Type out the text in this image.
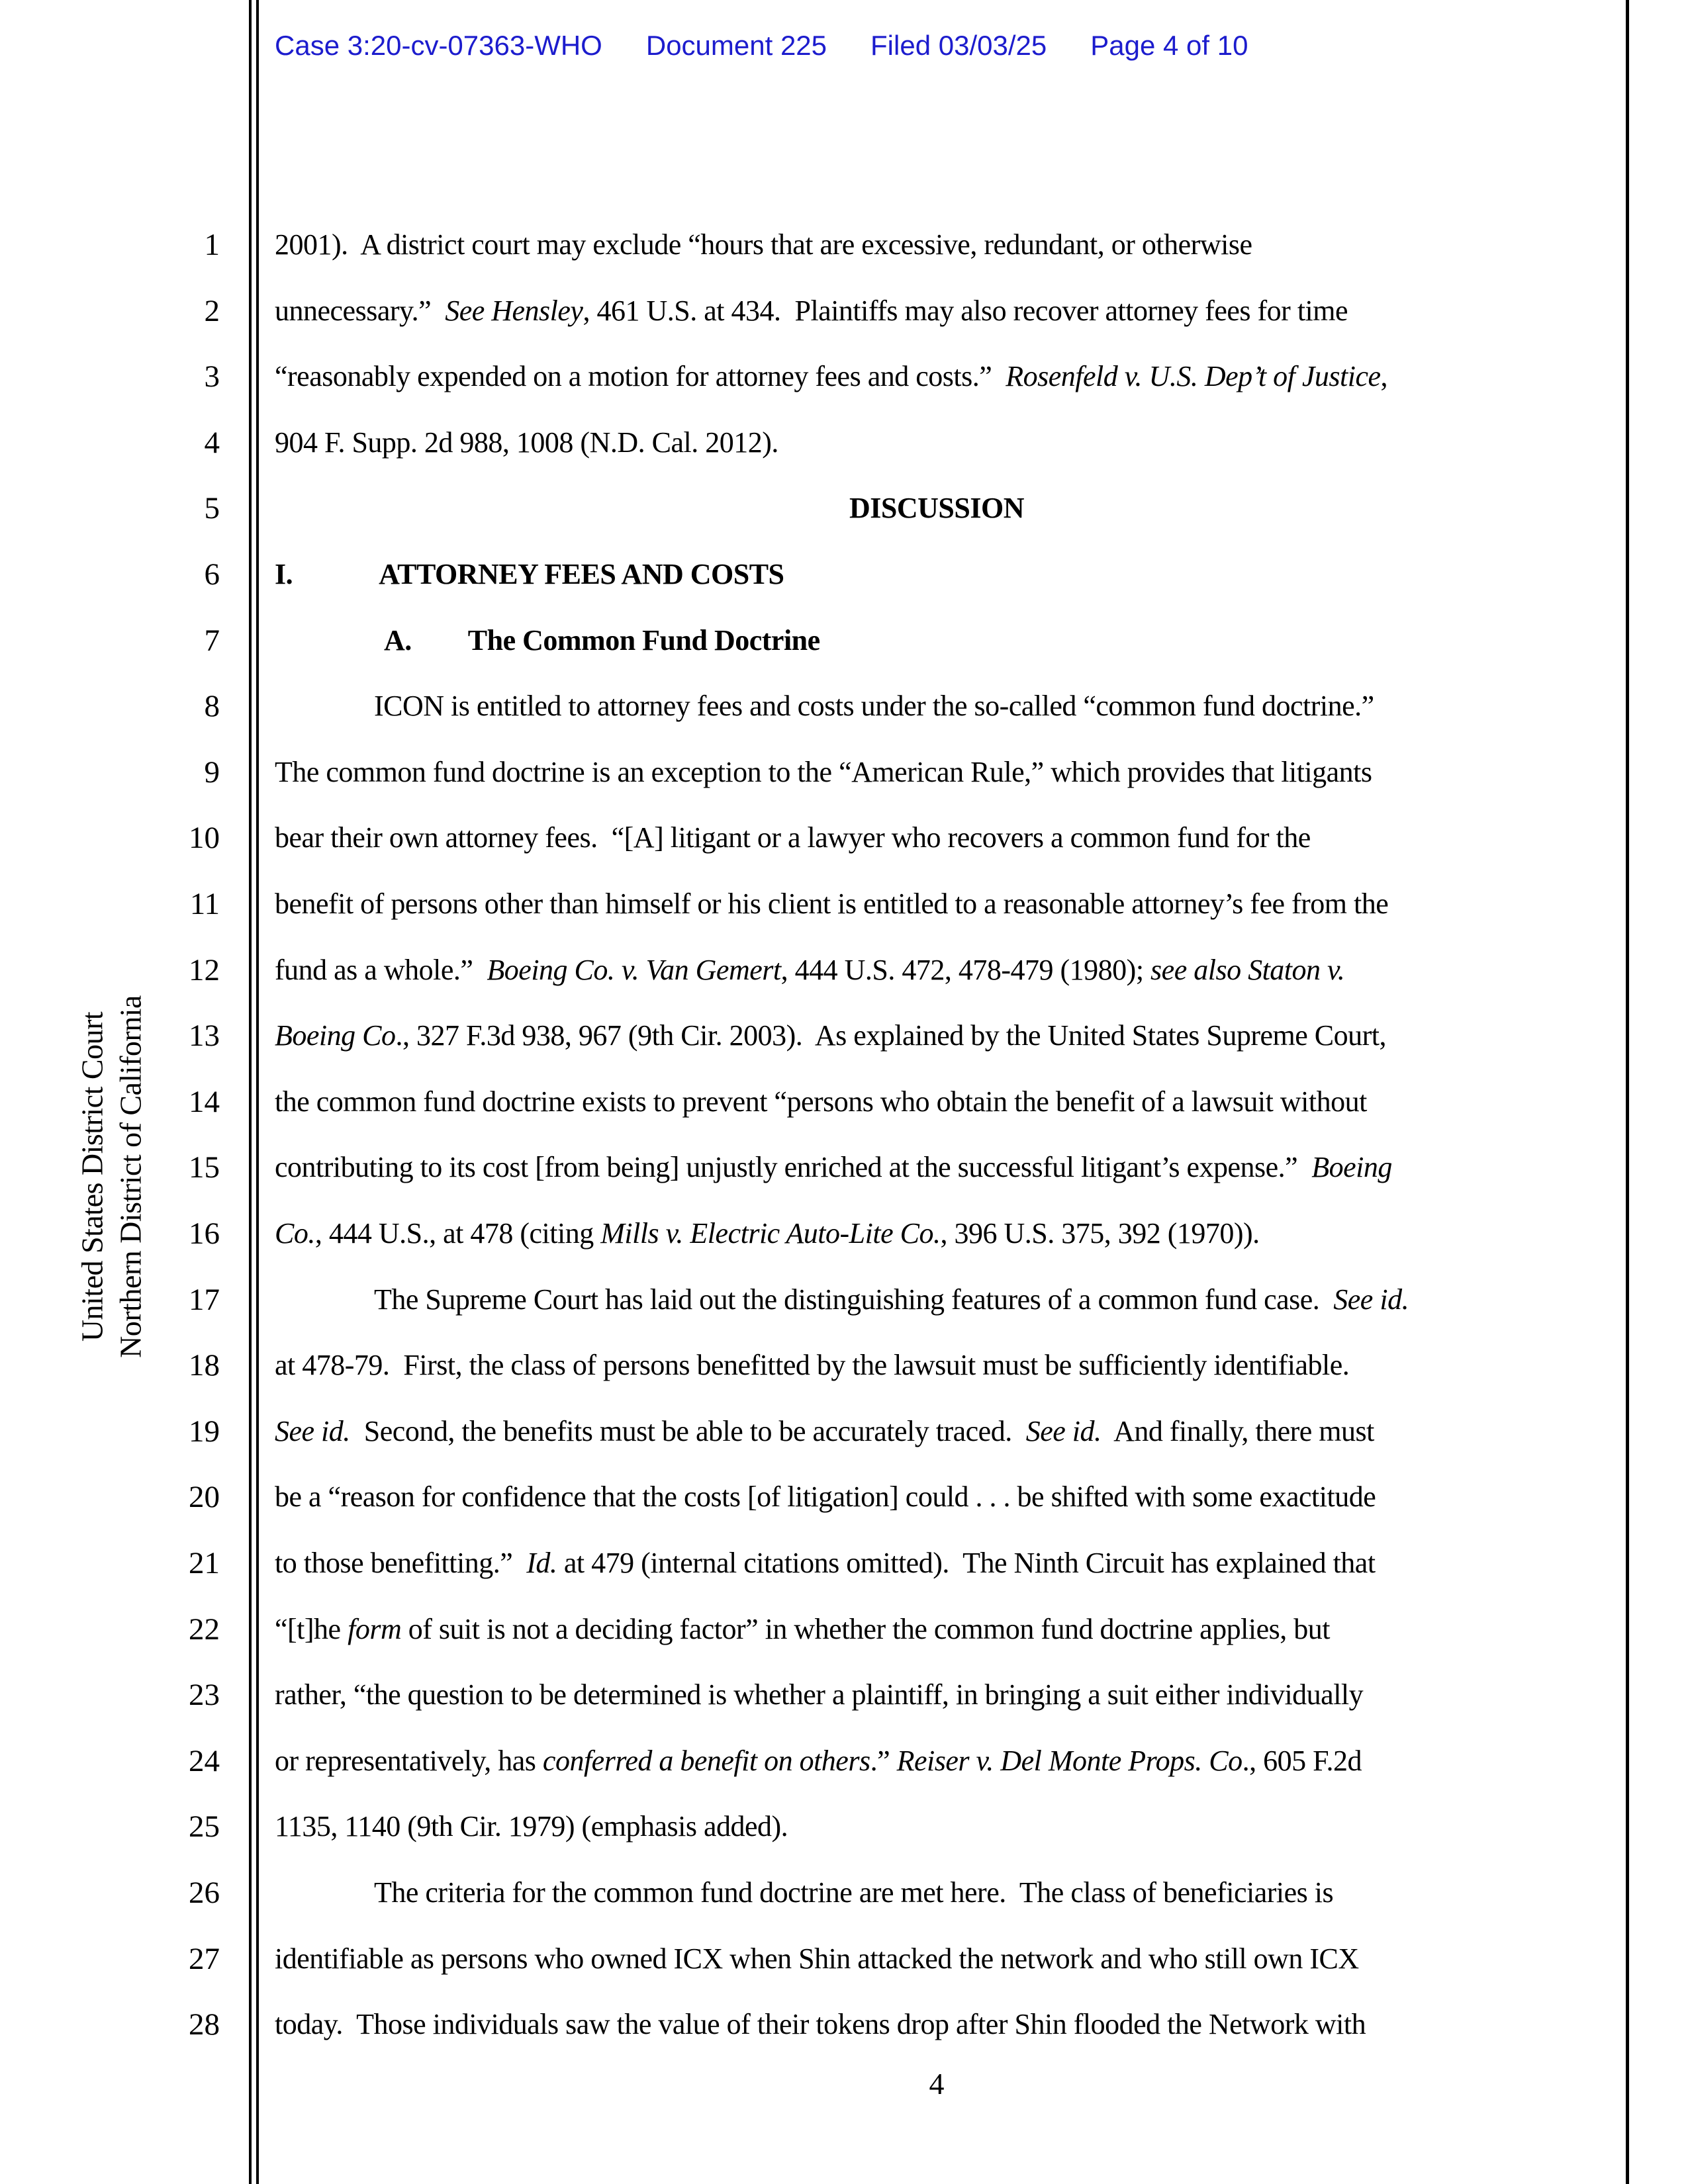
Case 3:20-cv-07363-WHO Document 225 Filed 03/03/25 Page 4 of 10
United States District Court Northern District of California
1
2
3
4
5
6
7
8
9
10
11
12
13
14
15
16
17
18
19
20
21
22
23
24
25
26
27
28
2001).  A district court may exclude “hours that are excessive, redundant, or otherwise
unnecessary.”  See Hensley, 461 U.S. at 434.  Plaintiffs may also recover attorney fees for time
“reasonably expended on a motion for attorney fees and costs.”  Rosenfeld v. U.S. Dep’t of Justice,
904 F. Supp. 2d 988, 1008 (N.D. Cal. 2012).
DISCUSSION
I.	ATTORNEY FEES AND COSTS
A. The Common Fund Doctrine
ICON is entitled to attorney fees and costs under the so-called “common fund doctrine.”
The common fund doctrine is an exception to the “American Rule,” which provides that litigants
bear their own attorney fees.  “[A] litigant or a lawyer who recovers a common fund for the
benefit of persons other than himself or his client is entitled to a reasonable attorney’s fee from the
fund as a whole.”  Boeing Co. v. Van Gemert, 444 U.S. 472, 478-479 (1980); see also Staton v.
Boeing Co., 327 F.3d 938, 967 (9th Cir. 2003).  As explained by the United States Supreme Court,
the common fund doctrine exists to prevent “persons who obtain the benefit of a lawsuit without
contributing to its cost [from being] unjustly enriched at the successful litigant’s expense.”  Boeing
Co., 444 U.S., at 478 (citing Mills v. Electric Auto-Lite Co., 396 U.S. 375, 392 (1970)).
The Supreme Court has laid out the distinguishing features of a common fund case.  See id.
at 478-79.  First, the class of persons benefitted by the lawsuit must be sufficiently identifiable.
See id.  Second, the benefits must be able to be accurately traced.  See id.  And finally, there must
be a “reason for confidence that the costs [of litigation] could . . . be shifted with some exactitude
to those benefitting.”  Id. at 479 (internal citations omitted).  The Ninth Circuit has explained that
“[t]he form of suit is not a deciding factor” in whether the common fund doctrine applies, but
rather, “the question to be determined is whether a plaintiff, in bringing a suit either individually
or representatively, has conferred a benefit on others.” Reiser v. Del Monte Props. Co., 605 F.2d
1135, 1140 (9th Cir. 1979) (emphasis added).
The criteria for the common fund doctrine are met here.  The class of beneficiaries is
identifiable as persons who owned ICX when Shin attacked the network and who still own ICX
today.  Those individuals saw the value of their tokens drop after Shin flooded the Network with
4
